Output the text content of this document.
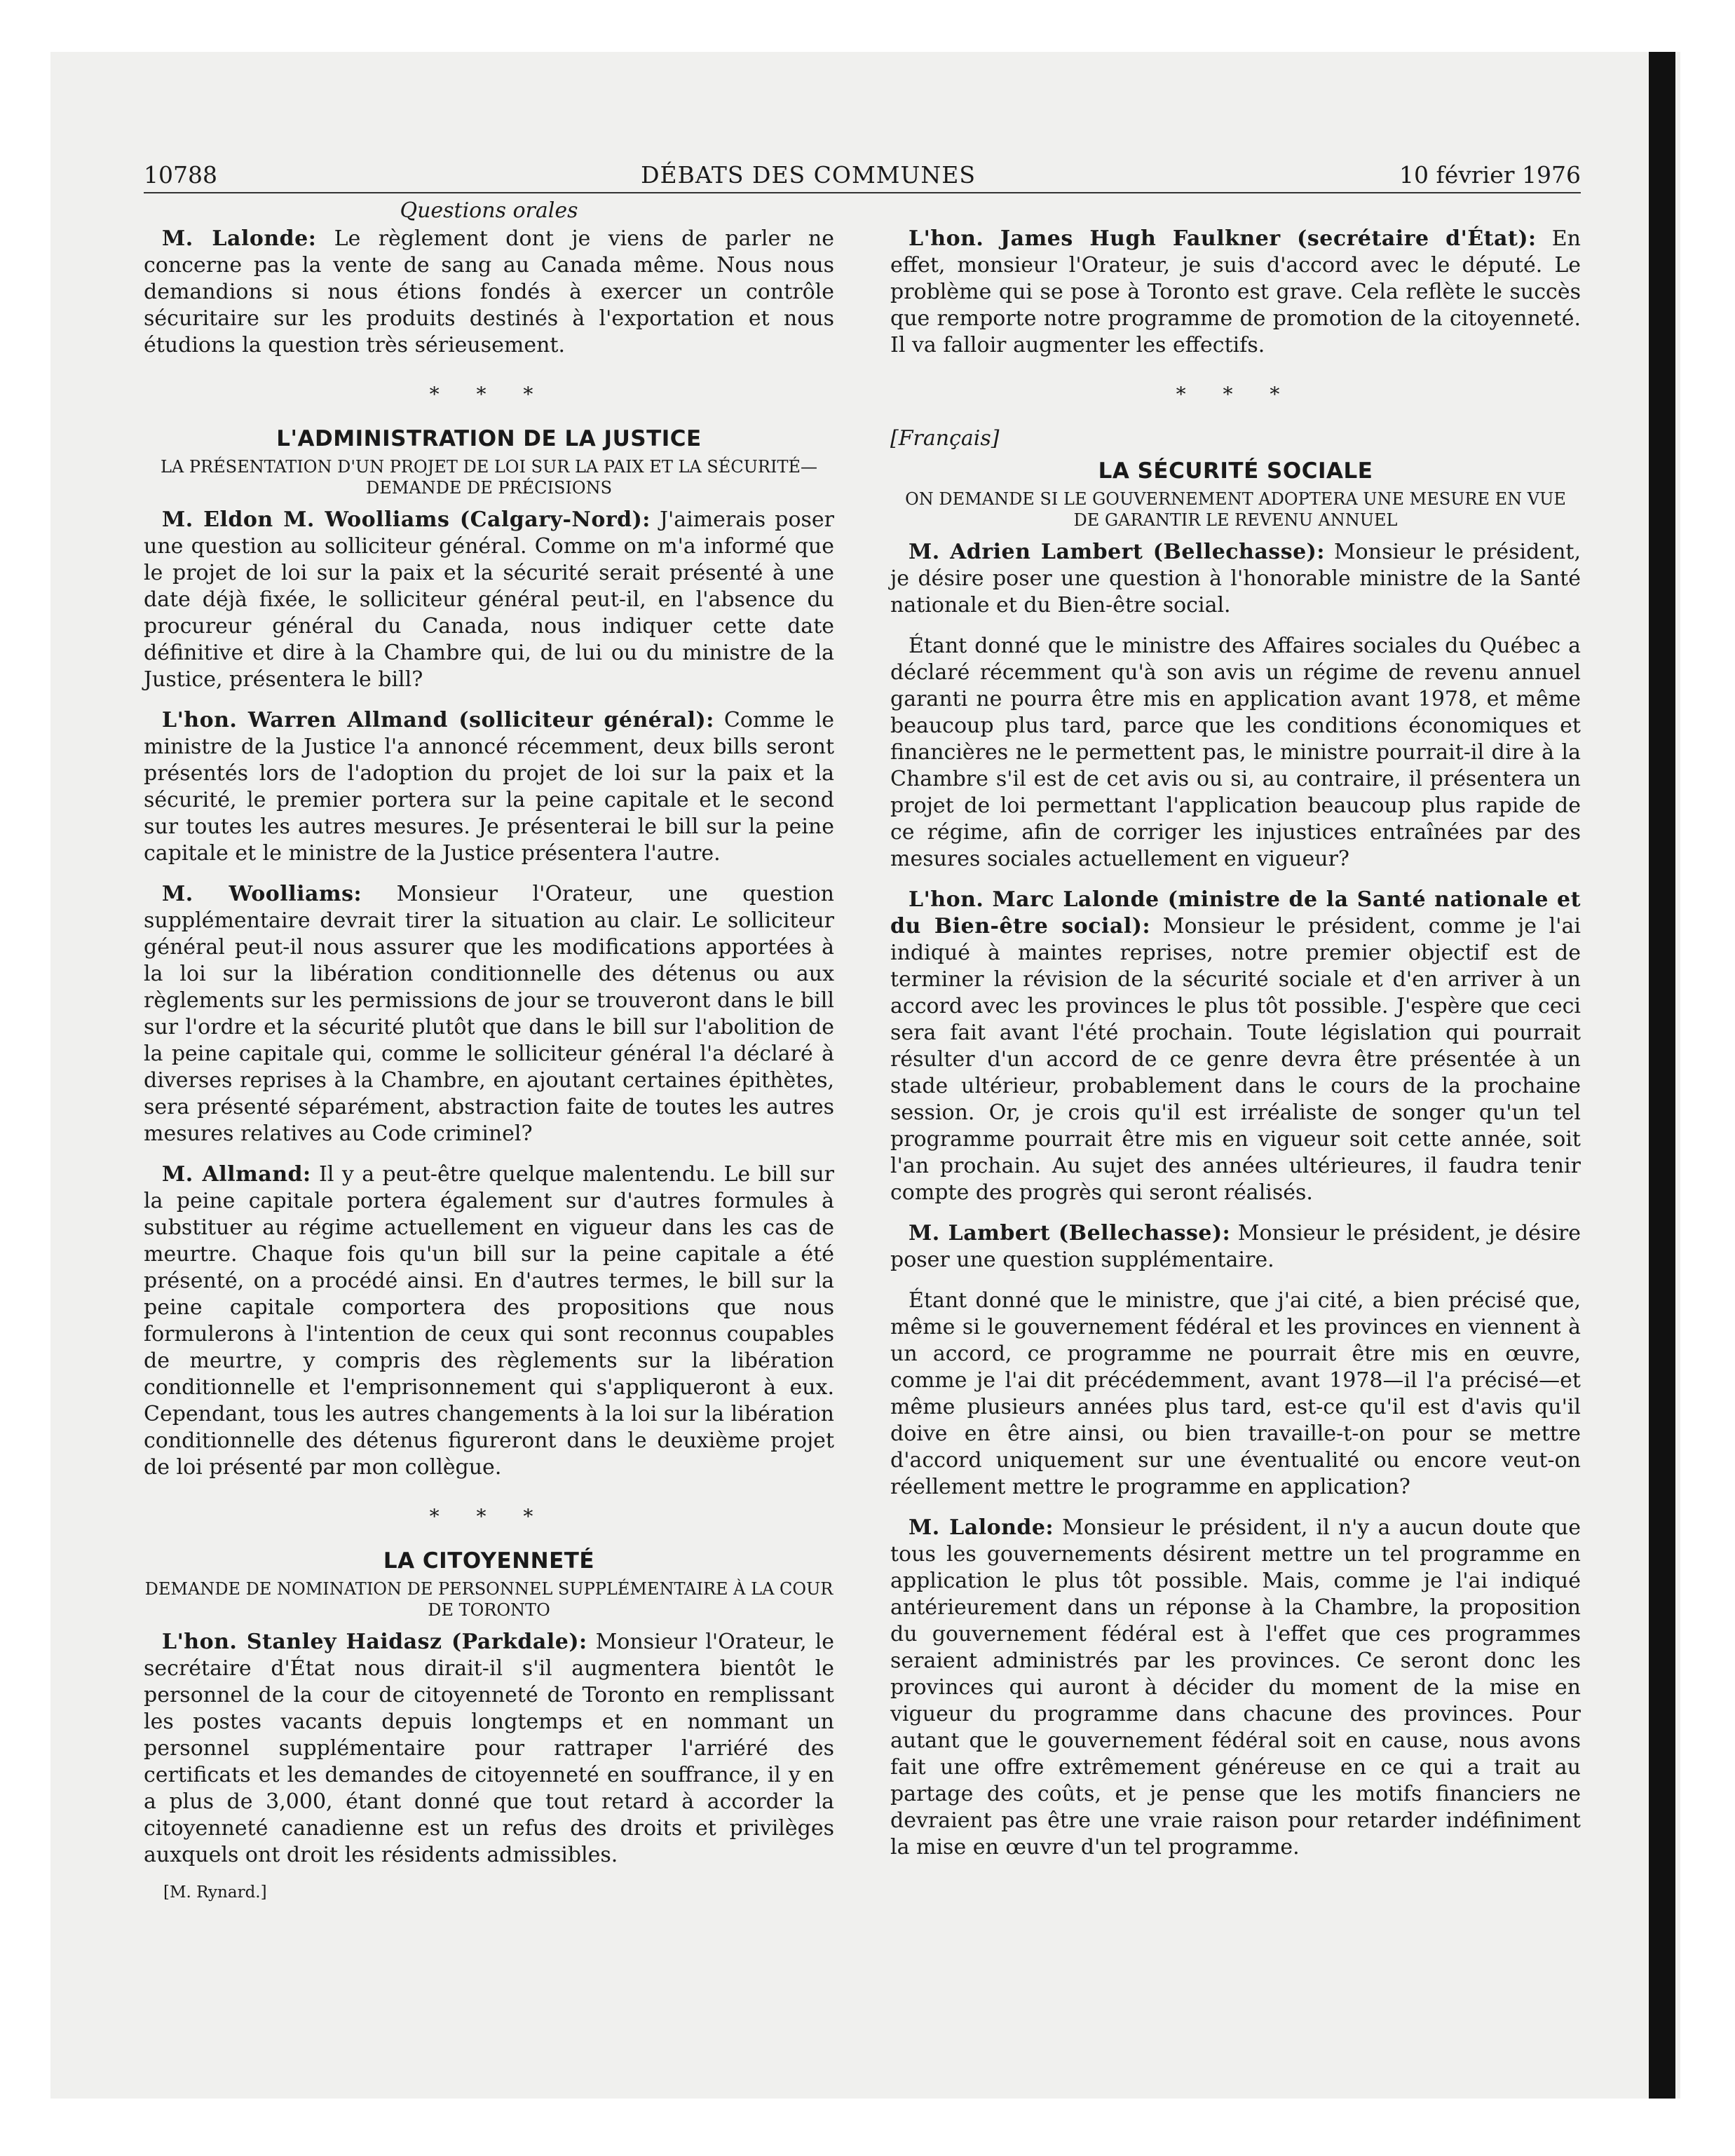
10788	DÉBATS DES COMMUNES	10 février 1976
Questions orales

M. Lalonde: Le règlement dont je viens de parler ne concerne pas la vente de sang au Canada même. Nous nous demandions si nous étions fondés à exercer un contrôle sécuritaire sur les produits destinés à l'exportation et nous étudions la question très sérieusement.

* * *
L'ADMINISTRATION DE LA JUSTICE
LA PRÉSENTATION D'UN PROJET DE LOI SUR LA PAIX ET LA SÉCURITÉ—DEMANDE DE PRÉCISIONS

M. Eldon M. Woolliams (Calgary-Nord): J'aimerais poser une question au solliciteur général. Comme on m'a informé que le projet de loi sur la paix et la sécurité serait présenté à une date déjà fixée, le solliciteur général peut-il, en l'absence du procureur général du Canada, nous indiquer cette date définitive et dire à la Chambre qui, de lui ou du ministre de la Justice, présentera le bill?

L'hon. Warren Allmand (solliciteur général): Comme le ministre de la Justice l'a annoncé récemment, deux bills seront présentés lors de l'adoption du projet de loi sur la paix et la sécurité, le premier portera sur la peine capitale et le second sur toutes les autres mesures. Je présenterai le bill sur la peine capitale et le ministre de la Justice présentera l'autre.

M. Woolliams: Monsieur l'Orateur, une question supplémentaire devrait tirer la situation au clair. Le solliciteur général peut-il nous assurer que les modifications apportées à la loi sur la libération conditionnelle des détenus ou aux règlements sur les permissions de jour se trouveront dans le bill sur l'ordre et la sécurité plutôt que dans le bill sur l'abolition de la peine capitale qui, comme le solliciteur général l'a déclaré à diverses reprises à la Chambre, en ajoutant certaines épithètes, sera présenté séparément, abstraction faite de toutes les autres mesures relatives au Code criminel?

M. Allmand: Il y a peut-être quelque malentendu. Le bill sur la peine capitale portera également sur d'autres formules à substituer au régime actuellement en vigueur dans les cas de meurtre. Chaque fois qu'un bill sur la peine capitale a été présenté, on a procédé ainsi. En d'autres termes, le bill sur la peine capitale comportera des propositions que nous formulerons à l'intention de ceux qui sont reconnus coupables de meurtre, y compris des règlements sur la libération conditionnelle et l'emprisonnement qui s'appliqueront à eux. Cependant, tous les autres changements à la loi sur la libération conditionnelle des détenus figureront dans le deuxième projet de loi présenté par mon collègue.

* * *
LA CITOYENNETÉ
DEMANDE DE NOMINATION DE PERSONNEL SUPPLÉMENTAIRE À LA COUR DE TORONTO

L'hon. Stanley Haidasz (Parkdale): Monsieur l'Orateur, le secrétaire d'État nous dirait-il s'il augmentera bientôt le personnel de la cour de citoyenneté de Toronto en remplissant les postes vacants depuis longtemps et en nommant un personnel supplémentaire pour rattraper l'arriéré des certificats et les demandes de citoyenneté en souffrance, il y en a plus de 3,000, étant donné que tout retard à accorder la citoyenneté canadienne est un refus des droits et privilèges auxquels ont droit les résidents admissibles.

[M. Rynard.]

L'hon. James Hugh Faulkner (secrétaire d'État): En effet, monsieur l'Orateur, je suis d'accord avec le député. Le problème qui se pose à Toronto est grave. Cela reflète le succès que remporte notre programme de promotion de la citoyenneté. Il va falloir augmenter les effectifs.

* * *
[Français]
LA SÉCURITÉ SOCIALE
ON DEMANDE SI LE GOUVERNEMENT ADOPTERA UNE MESURE EN VUE DE GARANTIR LE REVENU ANNUEL

M. Adrien Lambert (Bellechasse): Monsieur le président, je désire poser une question à l'honorable ministre de la Santé nationale et du Bien-être social.

Étant donné que le ministre des Affaires sociales du Québec a déclaré récemment qu'à son avis un régime de revenu annuel garanti ne pourra être mis en application avant 1978, et même beaucoup plus tard, parce que les conditions économiques et financières ne le permettent pas, le ministre pourrait-il dire à la Chambre s'il est de cet avis ou si, au contraire, il présentera un projet de loi permettant l'application beaucoup plus rapide de ce régime, afin de corriger les injustices entraînées par des mesures sociales actuellement en vigueur?

L'hon. Marc Lalonde (ministre de la Santé nationale et du Bien-être social): Monsieur le président, comme je l'ai indiqué à maintes reprises, notre premier objectif est de terminer la révision de la sécurité sociale et d'en arriver à un accord avec les provinces le plus tôt possible. J'espère que ceci sera fait avant l'été prochain. Toute législation qui pourrait résulter d'un accord de ce genre devra être présentée à un stade ultérieur, probablement dans le cours de la prochaine session. Or, je crois qu'il est irréaliste de songer qu'un tel programme pourrait être mis en vigueur soit cette année, soit l'an prochain. Au sujet des années ultérieures, il faudra tenir compte des progrès qui seront réalisés.

M. Lambert (Bellechasse): Monsieur le président, je désire poser une question supplémentaire.

Étant donné que le ministre, que j'ai cité, a bien précisé que, même si le gouvernement fédéral et les provinces en viennent à un accord, ce programme ne pourrait être mis en œuvre, comme je l'ai dit précédemment, avant 1978—il l'a précisé—et même plusieurs années plus tard, est-ce qu'il est d'avis qu'il doive en être ainsi, ou bien travaille-t-on pour se mettre d'accord uniquement sur une éventualité ou encore veut-on réellement mettre le programme en application?

M. Lalonde: Monsieur le président, il n'y a aucun doute que tous les gouvernements désirent mettre un tel programme en application le plus tôt possible. Mais, comme je l'ai indiqué antérieurement dans un réponse à la Chambre, la proposition du gouvernement fédéral est à l'effet que ces programmes seraient administrés par les provinces. Ce seront donc les provinces qui auront à décider du moment de la mise en vigueur du programme dans chacune des provinces. Pour autant que le gouvernement fédéral soit en cause, nous avons fait une offre extrêmement généreuse en ce qui a trait au partage des coûts, et je pense que les motifs financiers ne devraient pas être une vraie raison pour retarder indéfiniment la mise en œuvre d'un tel programme.
